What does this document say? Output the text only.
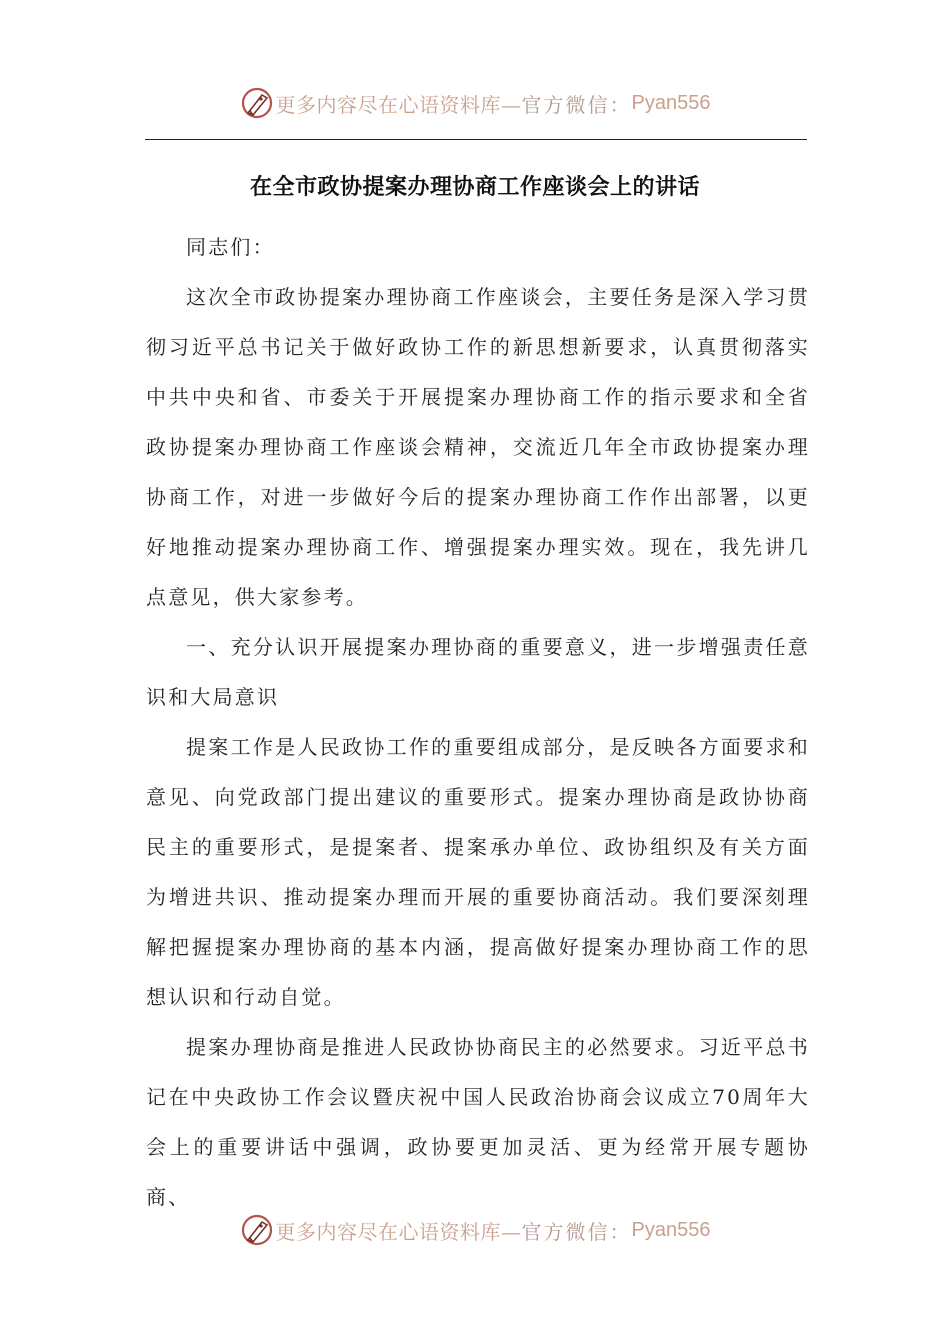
更多内容尽在心语资料库— 官方微信： Pyan556
在全市政协提案办理协商工作座谈会上的讲话

同志们：

这次全市政协提案办理协商工作座谈会，主要任务是深入学习贯彻习近平总书记关于做好政协工作的新思想新要求，认真贯彻落实中共中央和省、市委关于开展提案办理协商工作的指示要求和全省政协提案办理协商工作座谈会精神，交流近几年全市政协提案办理协商工作，对进一步做好今后的提案办理协商工作作出部署，以更好地推动提案办理协商工作、增强提案办理实效。现在，我先讲几点意见，供大家参考。

一、充分认识开展提案办理协商的重要意义，进一步增强责任意识和大局意识

提案工作是人民政协工作的重要组成部分，是反映各方面要求和意见、向党政部门提出建议的重要形式。提案办理协商是政协协商民主的重要形式，是提案者、提案承办单位、政协组织及有关方面为增进共识、推动提案办理而开展的重要协商活动。我们要深刻理解把握提案办理协商的基本内涵，提高做好提案办理协商工作的思想认识和行动自觉。

提案办理协商是推进人民政协协商民主的必然要求。习近平总书记在中央政协工作会议暨庆祝中国人民政治协商会议成立70周年大会上的重要讲话中强调，政协要更加灵活、更为经常开展专题协商、

更多内容尽在心语资料库— 官方微信： Pyan556
